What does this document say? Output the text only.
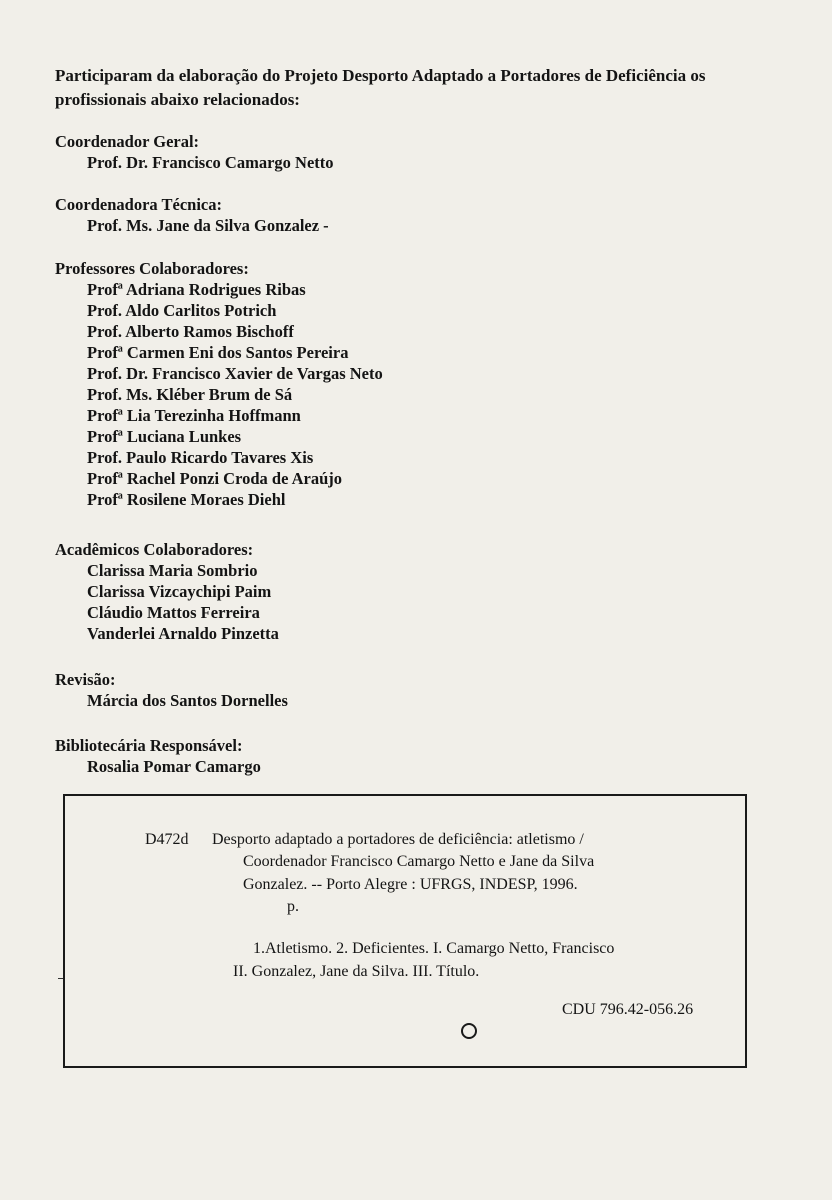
Participaram da elaboração do Projeto Desporto Adaptado a Portadores de Deficiência os
profissionais abaixo relacionados:
Coordenador Geral:
Prof. Dr. Francisco Camargo Netto
Coordenadora Técnica:
Prof. Ms. Jane da Silva Gonzalez -
Professores Colaboradores:
Profª Adriana Rodrigues Ribas
Prof. Aldo Carlitos Potrich
Prof. Alberto Ramos Bischoff
Profª Carmen Eni dos Santos Pereira
Prof. Dr. Francisco Xavier de Vargas Neto
Prof. Ms. Kléber Brum de Sá
Profª Lia Terezinha Hoffmann
Profª Luciana Lunkes
Prof. Paulo Ricardo Tavares Xis
Profª Rachel Ponzi Croda de Araújo
Profª Rosilene Moraes Diehl
Acadêmicos Colaboradores:
Clarissa Maria Sombrio
Clarissa Vizcaychipi Paim
Cláudio Mattos Ferreira
Vanderlei Arnaldo Pinzetta
Revisão:
Márcia dos Santos Dornelles
Bibliotecária Responsável:
Rosalia Pomar Camargo
D472d Desporto adaptado a portadores de deficiência: atletismo /
Coordenador Francisco Camargo Netto e Jane da Silva
Gonzalez. -- Porto Alegre : UFRGS, INDESP, 1996.
p.
1.Atletismo. 2. Deficientes. I. Camargo Netto, Francisco
II. Gonzalez, Jane da Silva. III. Título.
CDU 796.42-056.26
